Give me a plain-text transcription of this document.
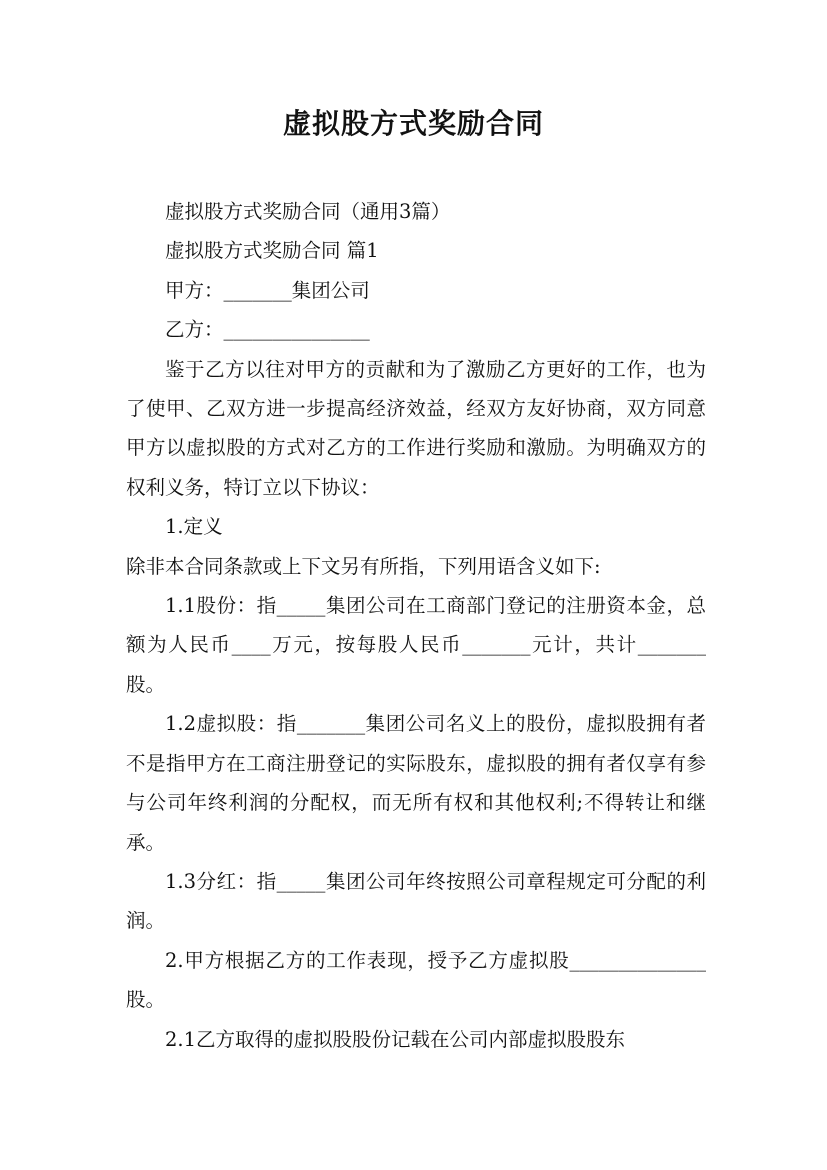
虚拟股方式奖励合同

虚拟股方式奖励合同（通用3篇）

虚拟股方式奖励合同 篇1

甲方：_______集团公司

乙方：_______________

鉴于乙方以往对甲方的贡献和为了激励乙方更好的工作，也为了使甲、乙双方进一步提高经济效益，经双方友好协商，双方同意甲方以虚拟股的方式对乙方的工作进行奖励和激励。为明确双方的权利义务，特订立以下协议：

1.定义

除非本合同条款或上下文另有所指，下列用语含义如下:

1.1股份：指_____集团公司在工商部门登记的注册资本金，总额为人民币____万元，按每股人民币_______元计，共计_______股。

1.2虚拟股：指_______集团公司名义上的股份，虚拟股拥有者不是指甲方在工商注册登记的实际股东，虚拟股的拥有者仅享有参与公司年终利润的分配权，而无所有权和其他权利;不得转让和继承。

1.3分红：指_____集团公司年终按照公司章程规定可分配的利润。

2.甲方根据乙方的工作表现，授予乙方虚拟股______________股。

2.1乙方取得的虚拟股股份记载在公司内部虚拟股股东
